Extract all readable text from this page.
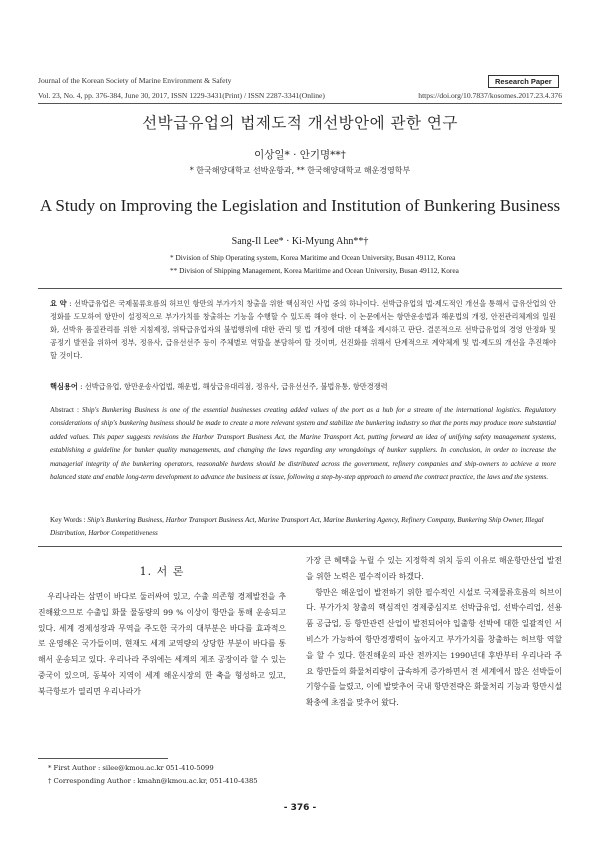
Journal of the Korean Society of Marine Environment & Safety	Research Paper
Vol. 23, No. 4, pp. 376-384, June 30, 2017, ISSN 1229-3431(Print) / ISSN 2287-3341(Online)	https://doi.org/10.7837/kosomes.2017.23.4.376
선박급유업의 법제도적 개선방안에 관한 연구
이상일* · 안기명**†
* 한국해양대학교 선박운항과, ** 한국해양대학교 해운경영학부
A Study on Improving the Legislation and Institution of Bunkering Business
Sang-Il Lee* · Ki-Myung Ahn**†
* Division of Ship Operating system, Korea Maritime and Ocean University, Busan 49112, Korea
** Division of Shipping Management, Korea Maritime and Ocean University, Busan 49112, Korea
요 약 : 선박급유업은 국제물류흐름의 허브인 항만의 부가가치 창출을 위한 핵심적인 사업 중의 하나이다. 선박급유업의 법·제도적인 개선을 통해서 급유산업의 안정화를 도모하여 항만이 설정적으로 부가가치를 창출하는 기능을 수행할 수 있도록 해야 한다. 이 논문에서는 항만운송법과 해운법의 개정, 안전관리체계의 일원화, 선박유 품질관리를 위한 지침제정, 위탁급유업자의 불법행위에 대한 관리 및 법 개정에 대한 대책을 제시하고 판단. 결론적으로 선박급유업의 경영 안정화 및 공정기 발전을 위하여 정부, 정유사, 급유선선주 등이 주체별로 역할을 분담하여 할 것이며, 선진화를 위해서 단계적으로 계약체계 및 법·제도의 개선을 추진해야 할 것이다.
핵심용어 : 선박급유업, 항만운송사업법, 해운법, 해상급유대리점, 정유사, 급유선선주, 불법유통, 항만경쟁력
Abstract : Ship's Bunkering Business is one of the essential businesses creating added values of the port as a hub for a stream of the international logistics. Regulatory considerations of ship's bunkering business should be made to create a more relevant system and stabilize the bunkering industry so that the ports may produce more substantial added values. This paper suggests revisions the Harbor Transport Business Act, the Marine Transport Act, putting forward an idea of unifying safety management systems, establishing a guideline for bunker quality managements, and changing the laws regarding any wrongdoings of bunker suppliers. In conclusion, in order to increase the managerial integrity of the bunkering operators, reasonable burdens should be distributed across the government, refinery companies and ship-owners to achieve a more balanced state and enable long-term development to advance the business at issue, following a step-by-step approach to amend the contract practice, the laws and the systems.
Key Words : Ship's Bunkering Business, Harbor Transport Business Act, Marine Transport Act, Marine Bunkering Agency, Refinery Company, Bunkering Ship Owner, Illegal Distribution, Harbor Competitiveness
1. 서 론

우리나라는 삼면이 바다로 둘러싸여 있고, 수출 의존형 경제발전을 추진해왔으므로 수출입 화물 물동량의 99 % 이상이 항만을 통해 운송되고 있다. 세계 경제성장과 무역을 주도한 국가의 대부분은 바다를 효과적으로 운영해온 국가들이며, 현재도 세계 교역량의 상당한 부분이 바다를 통해서 운송되고 있다. 우리나라 주위에는 세계의 제조 공장이라 할 수 있는 중국이 있으며, 동북아 지역이 세계 해운시장의 한 축을 형성하고 있고, 북극항로가 열리면 우리나라가

가장 큰 혜택을 누릴 수 있는 지정학적 위치 등의 이유로 해운항만산업 발전을 위한 노력은 필수적이라 하겠다.

항만은 해운업이 발전하기 위한 필수적인 시설로 국제물류흐름의 허브이다. 부가가치 창출의 핵심적인 경제중심지로 선박급유업, 선박수리업, 선용품 공급업, 등 항만관련 산업이 발전되어야 입출항 선박에 대한 일괄적인 서비스가 가능하여 항만경쟁력이 높아지고 부가가치를 창출하는 허브항 역할을 할 수 있다. 한진해운의 파산 전까지는 1990년대 후반부터 우리나라 주요 항만들의 화물처리량이 급속하게 증가하면서 전 세계에서 많은 선박들이 기항수를 늘렸고, 이에 발맞추어 국내 항만전략은 화물처리 기능과 항만시설 확충에 초점을 맞추어 왔다.

* First Author : silee@kmou.ac.kr 051-410-5099
† Corresponding Author : kmahn@kmou.ac.kr, 051-410-4385
- 376 -
